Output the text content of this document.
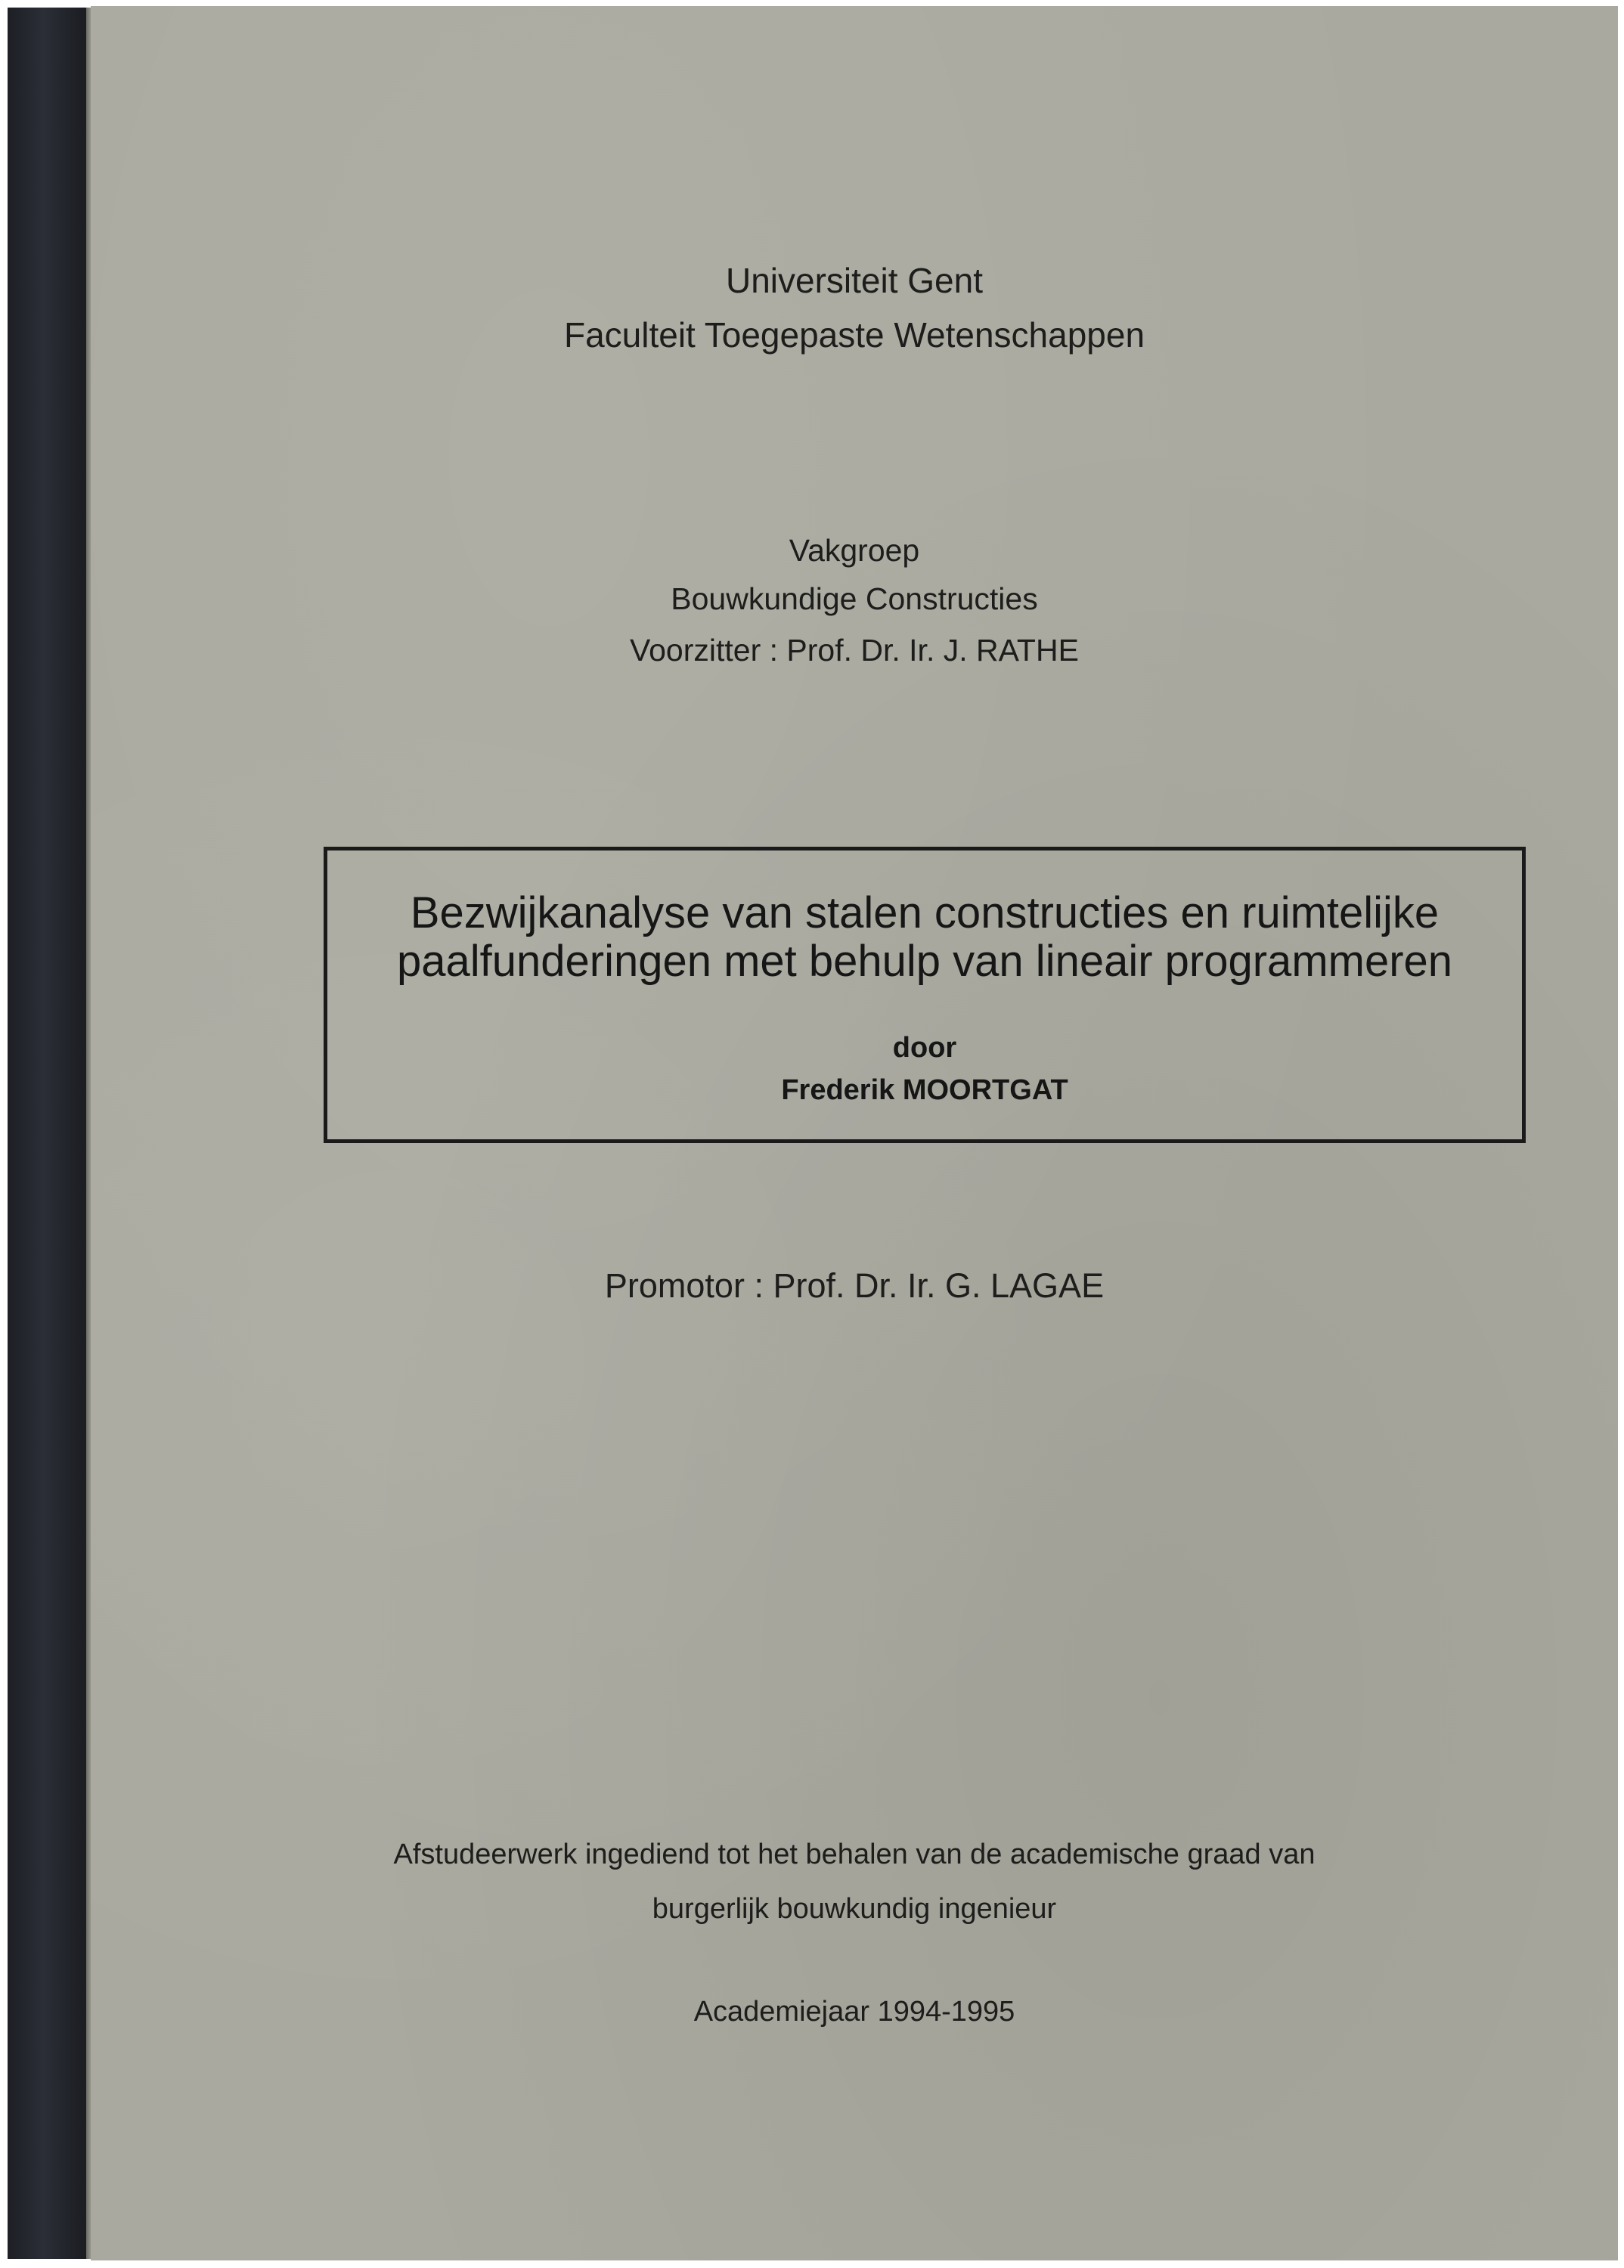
Universiteit Gent
Faculteit Toegepaste Wetenschappen
Vakgroep
Bouwkundige Constructies
Voorzitter : Prof. Dr. Ir. J. RATHE
Bezwijkanalyse van stalen constructies en ruimtelijke
paalfunderingen met behulp van lineair programmeren
door
Frederik MOORTGAT
Promotor : Prof. Dr. Ir. G. LAGAE
Afstudeerwerk ingediend tot het behalen van de academische graad van
burgerlijk bouwkundig ingenieur
Academiejaar 1994-1995
